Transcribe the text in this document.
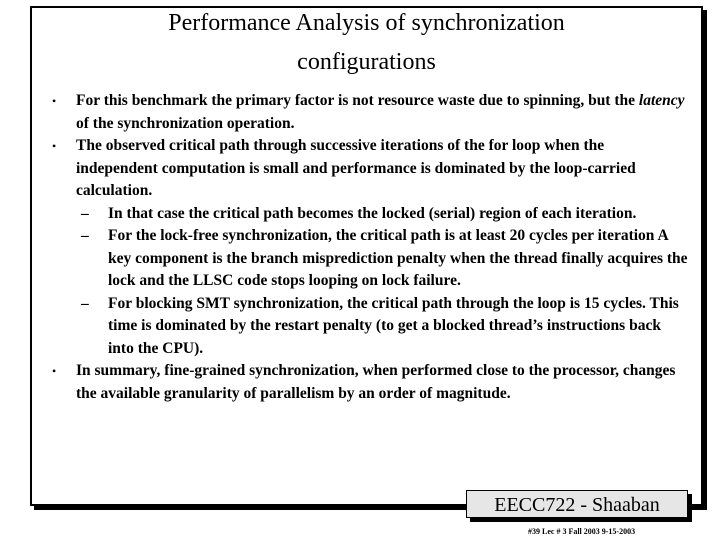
Performance Analysis of synchronization
configurations
• For this benchmark the primary factor is not resource waste due to spinning, but the latency of the synchronization operation.
• The observed critical path through successive iterations of the for loop when the independent computation is small and performance is dominated by the loop-carried calculation.
– In that case the critical path becomes the locked (serial) region of each iteration.
– For the lock-free synchronization, the critical path is at least 20 cycles per iteration A key component is the branch misprediction penalty when the thread finally acquires the lock and the LLSC code stops looping on lock failure.
– For blocking SMT synchronization, the critical path through the loop is 15 cycles. This time is dominated by the restart penalty (to get a blocked thread’s instructions back into the CPU).
• In summary, fine-grained synchronization, when performed close to the processor, changes the available granularity of parallelism by an order of magnitude.
EECC722 - Shaaban
#39 Lec # 3 Fall 2003 9-15-2003
